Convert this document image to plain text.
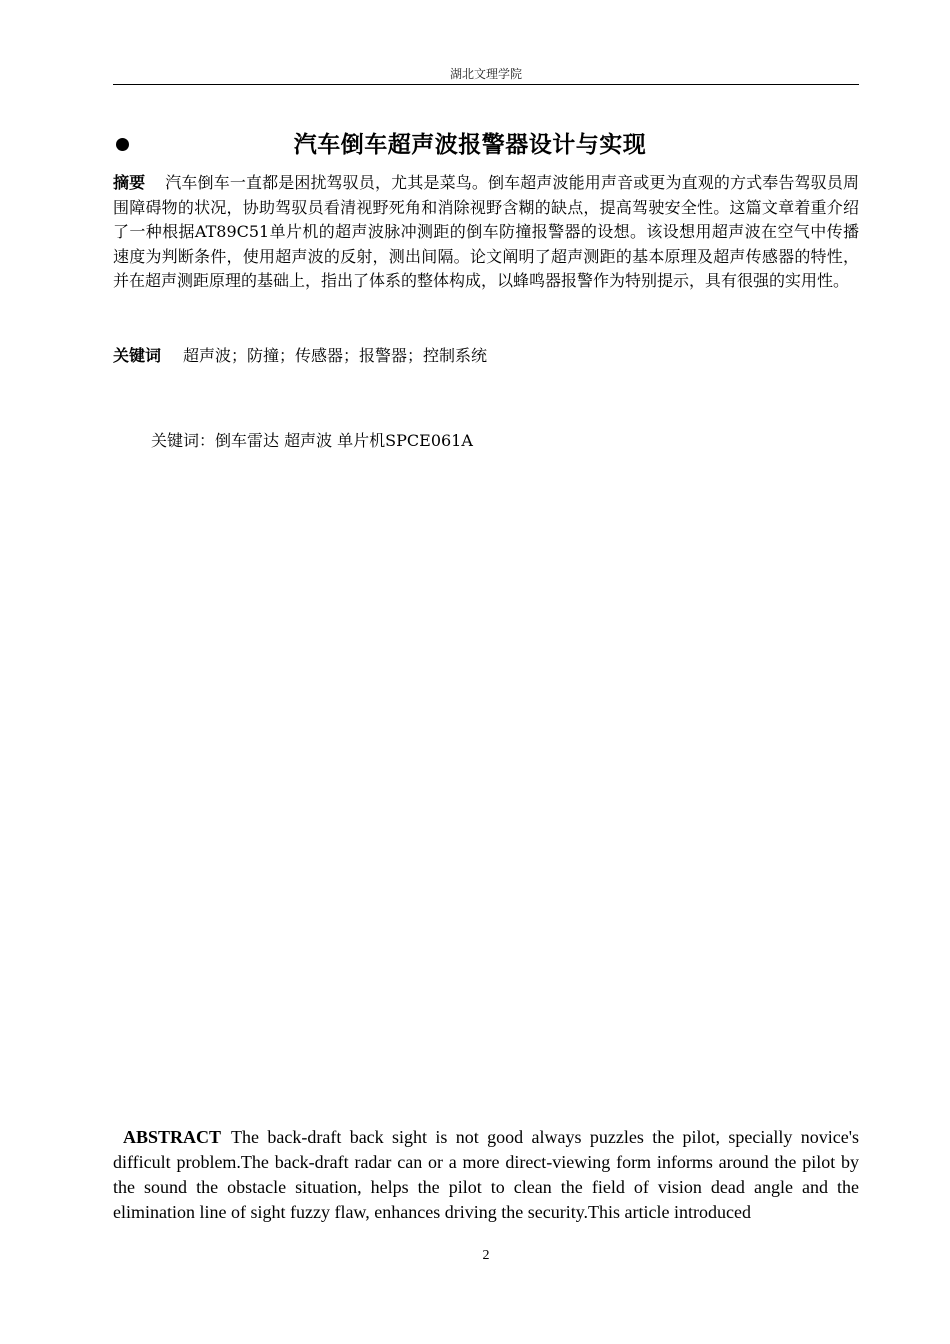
湖北文理学院
汽车倒车超声波报警器设计与实现

摘要 汽车倒车一直都是困扰驾驭员，尤其是菜鸟。倒车超声波能用声音或更为直观的方式奉告驾驭员周围障碍物的状况，协助驾驭员看清视野死角和消除视野含糊的缺点，提高驾驶安全性。这篇文章着重介绍了一种根据AT89C51单片机的超声波脉冲测距的倒车防撞报警器的设想。该设想用超声波在空气中传播速度为判断条件，使用超声波的反射，测出间隔。论文阐明了超声测距的基本原理及超声传感器的特性，并在超声测距原理的基础上，指出了体系的整体构成，以蜂鸣器报警作为特别提示，具有很强的实用性。

关键词 超声波；防撞；传感器；报警器；控制系统
关键词：倒车雷达 超声波 单片机SPCE061A

ABSTRACT The back-draft back sight is not good always puzzles the pilot, specially novice's difficult problem.The back-draft radar can or a more direct-viewing form informs around the pilot by the sound the obstacle situation, helps the pilot to clean the field of vision dead angle and the elimination line of sight fuzzy flaw, enhances driving the security.This article introduced

2
